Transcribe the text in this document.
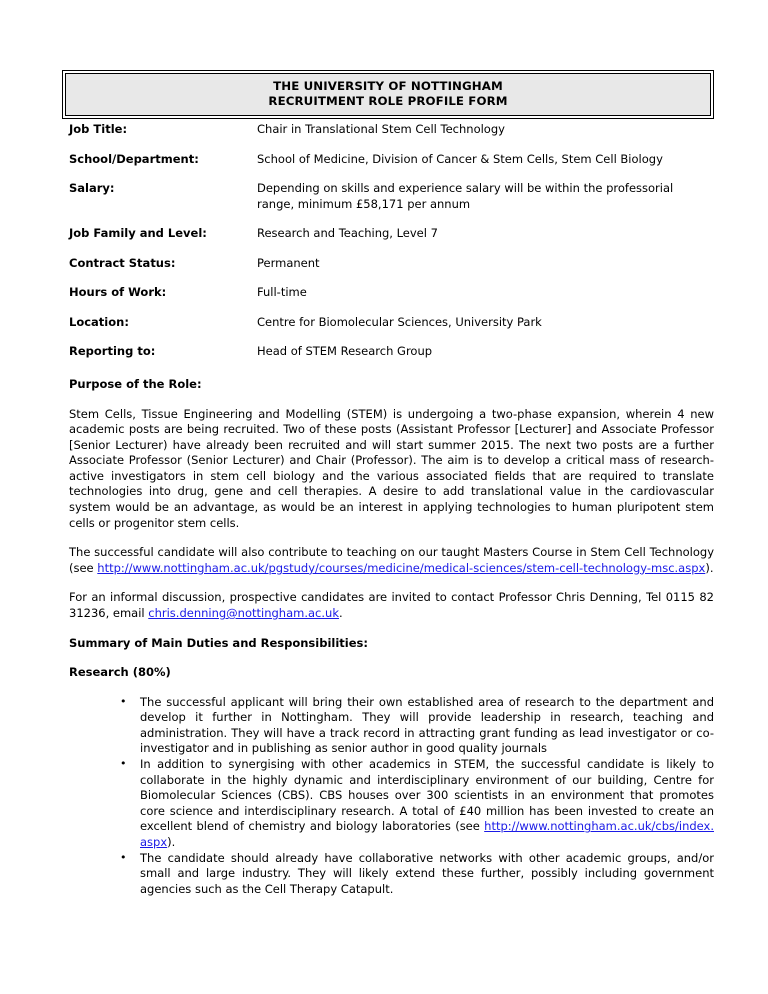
THE UNIVERSITY OF NOTTINGHAM
RECRUITMENT ROLE PROFILE FORM
Job Title:	Chair in Translational Stem Cell Technology
School/Department:	School of Medicine, Division of Cancer & Stem Cells, Stem Cell Biology
Salary:	Depending on skills and experience salary will be within the professorial range, minimum £58,171 per annum
Job Family and Level:	Research and Teaching, Level 7
Contract Status:	Permanent
Hours of Work:	Full-time
Location:	Centre for Biomolecular Sciences, University Park
Reporting to:	Head of STEM Research Group
Purpose of the Role:

Stem Cells, Tissue Engineering and Modelling (STEM) is undergoing a two-phase expansion, wherein 4 new academic posts are being recruited. Two of these posts (Assistant Professor [Lecturer] and Associate Professor [Senior Lecturer) have already been recruited and will start summer 2015. The next two posts are a further Associate Professor (Senior Lecturer) and Chair (Professor). The aim is to develop a critical mass of research-active investigators in stem cell biology and the various associated fields that are required to translate technologies into drug, gene and cell therapies. A desire to add translational value in the cardiovascular system would be an advantage, as would be an interest in applying technologies to human pluripotent stem cells or progenitor stem cells.

The successful candidate will also contribute to teaching on our taught Masters Course in Stem Cell Technology (see http://www.nottingham.ac.uk/pgstudy/courses/medicine/medical-sciences/stem-cell-technology-msc.aspx).

For an informal discussion, prospective candidates are invited to contact Professor Chris Denning, Tel 0115 82 31236, email chris.denning@nottingham.ac.uk.

Summary of Main Duties and Responsibilities:
Research (80%)
• The successful applicant will bring their own established area of research to the department and develop it further in Nottingham. They will provide leadership in research, teaching and administration. They will have a track record in attracting grant funding as lead investigator or co-investigator and in publishing as senior author in good quality journals
• In addition to synergising with other academics in STEM, the successful candidate is likely to collaborate in the highly dynamic and interdisciplinary environment of our building, Centre for Biomolecular Sciences (CBS). CBS houses over 300 scientists in an environment that promotes core science and interdisciplinary research. A total of £40 million has been invested to create an excellent blend of chemistry and biology laboratories (see http://www.nottingham.ac.uk/cbs/index.aspx).
• The candidate should already have collaborative networks with other academic groups, and/or small and large industry. They will likely extend these further, possibly including government agencies such as the Cell Therapy Catapult.
